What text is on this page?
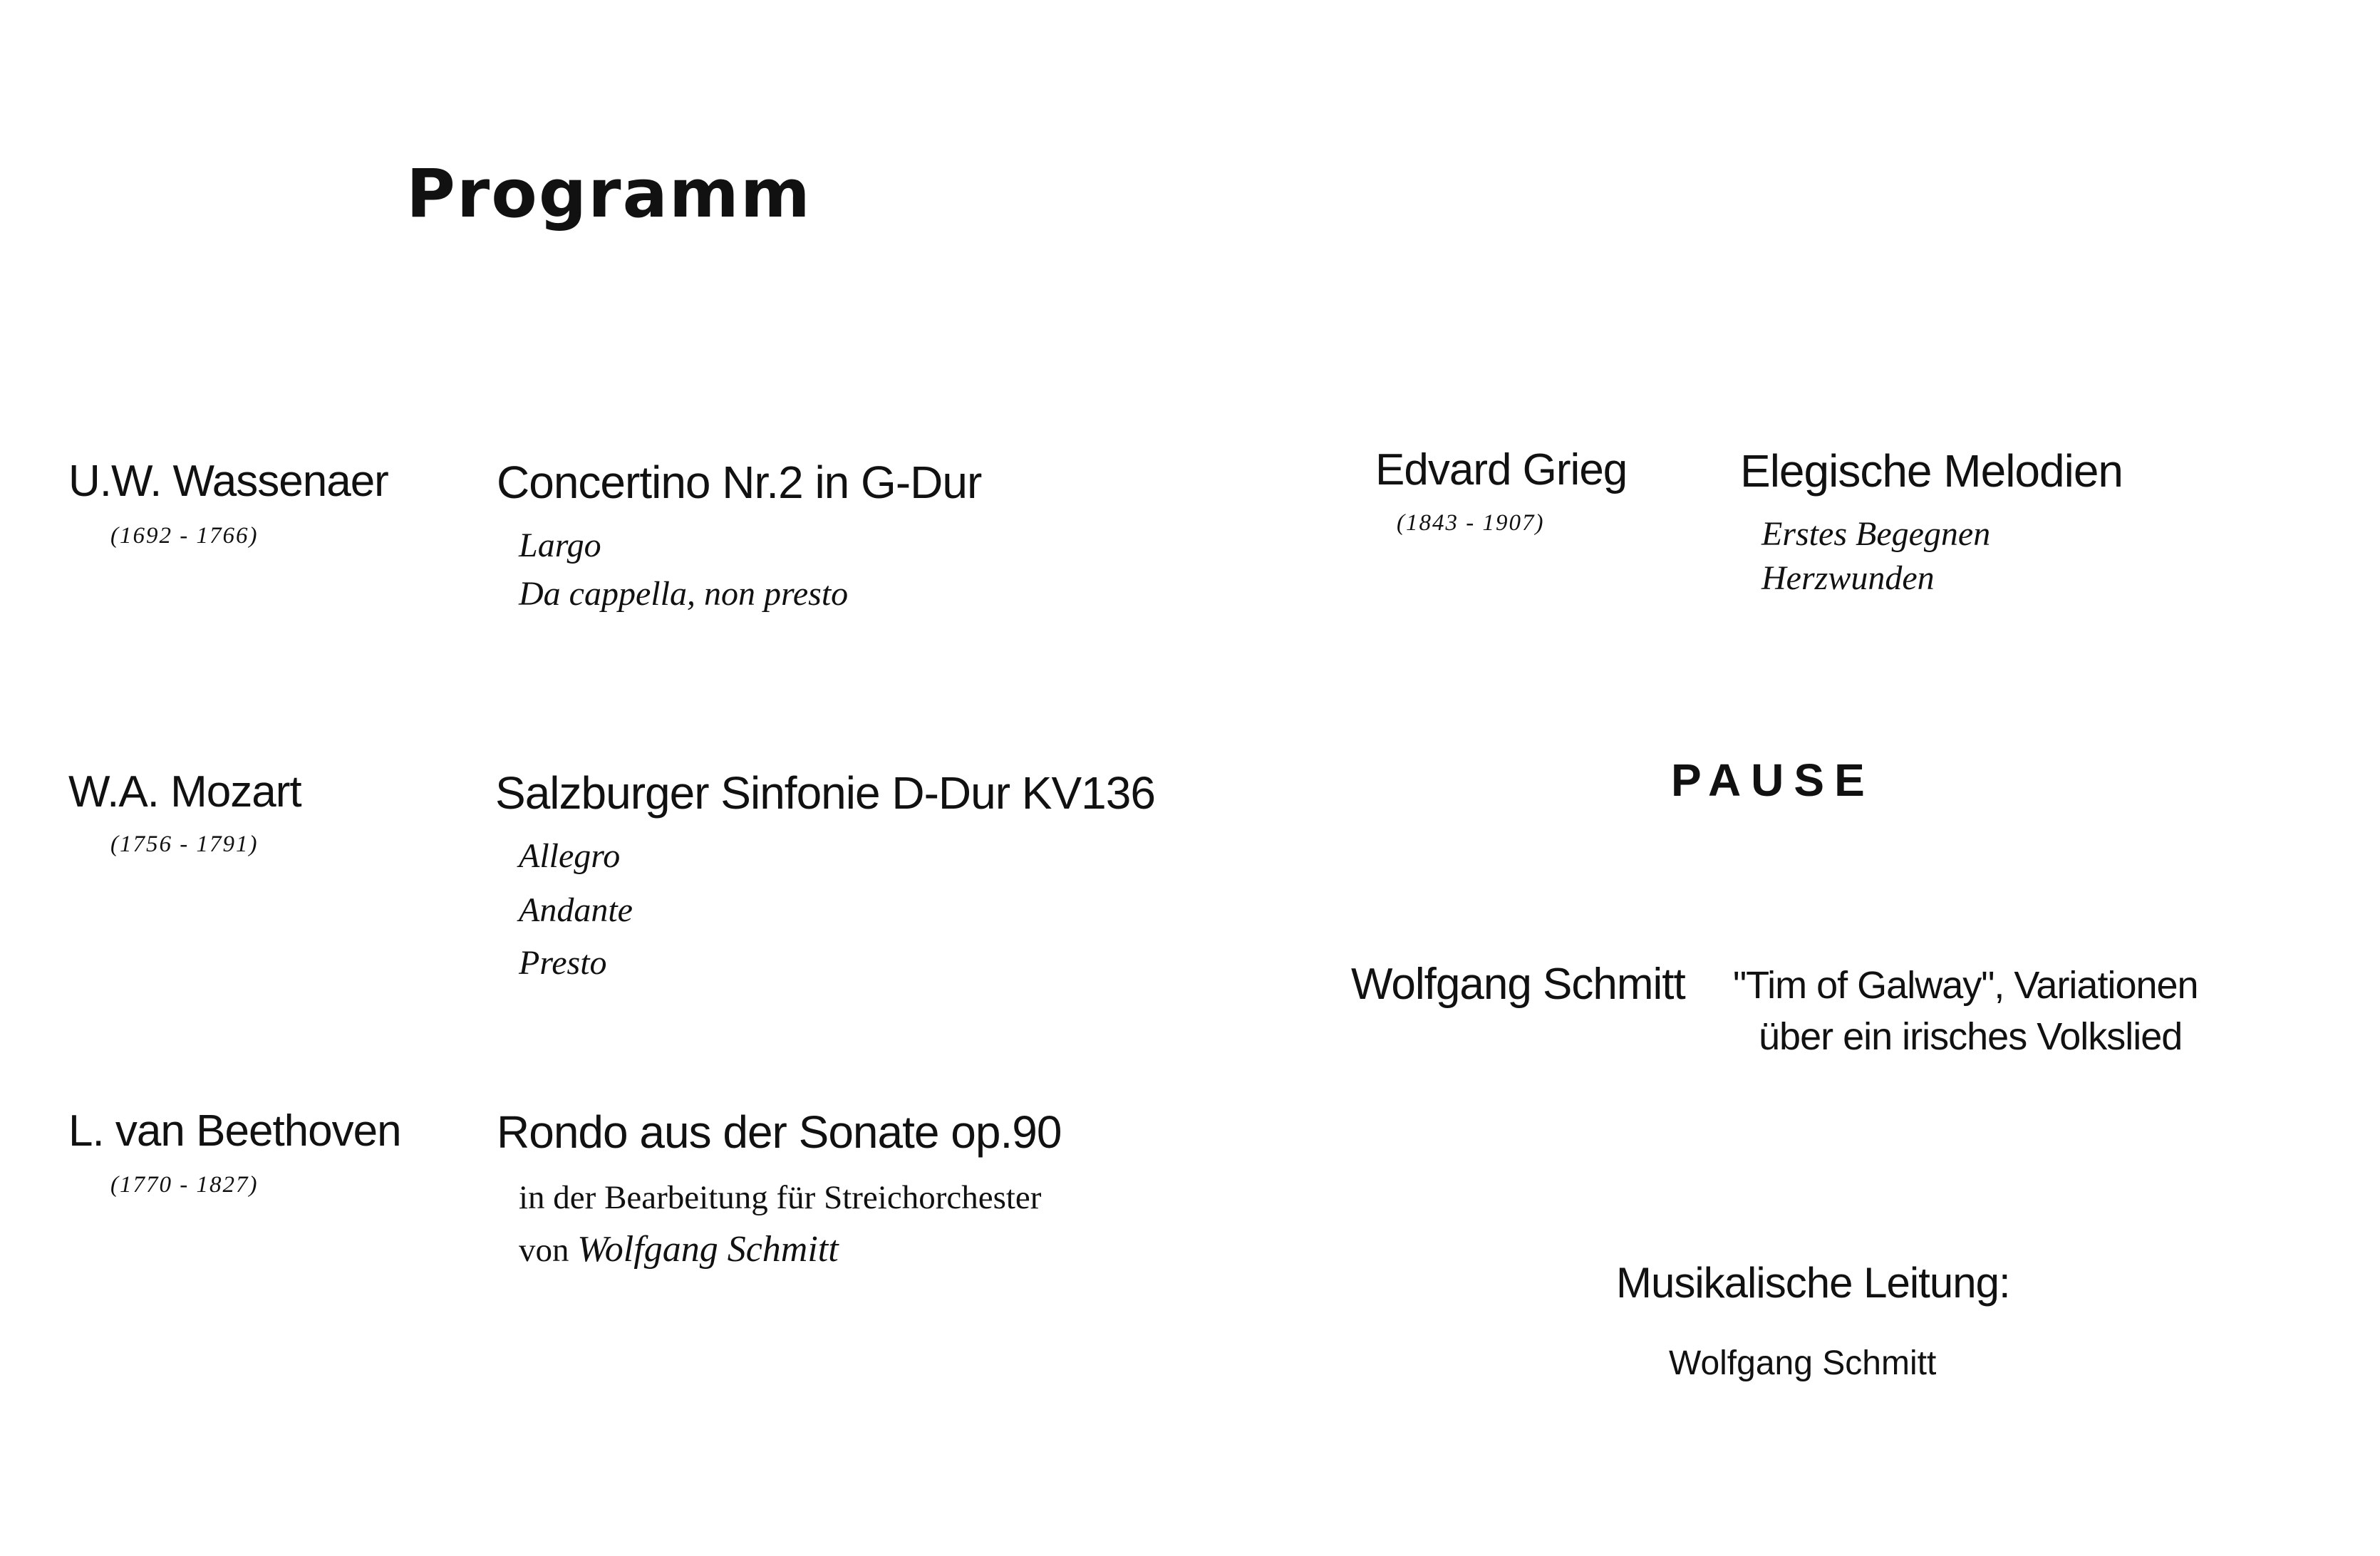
Programm
U.W. Wassenaer
(1692 - 1766)
Concertino Nr.2 in G-Dur
Largo
Da cappella, non presto
W.A. Mozart
(1756 - 1791)
Salzburger Sinfonie D-Dur KV136
Allegro
Andante
Presto
L. van Beethoven
(1770 - 1827)
Rondo aus der Sonate op.90
in der Bearbeitung für Streichorchester
von Wolfgang Schmitt
Edvard Grieg
(1843 - 1907)
Elegische Melodien
Erstes Begegnen
Herzwunden
PAUSE
Wolfgang Schmitt "Tim of Galway", Variationen
über ein irisches Volkslied
Musikalische Leitung:
Wolfgang Schmitt
